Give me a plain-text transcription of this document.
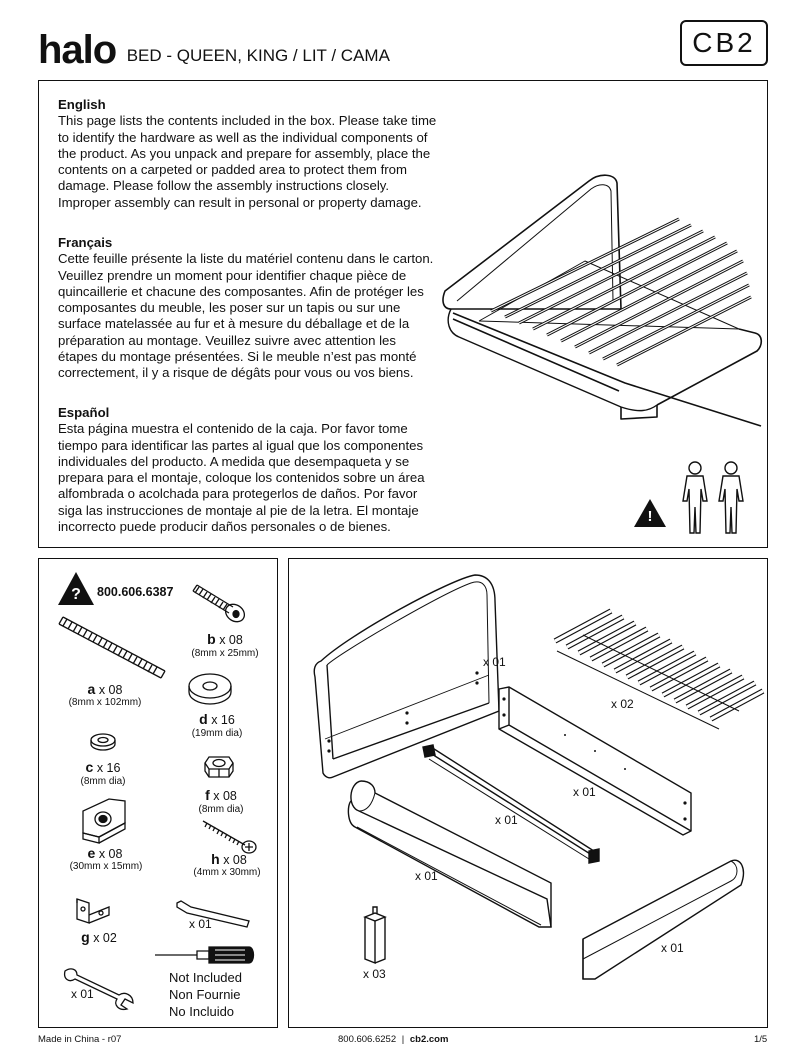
halo BED - QUEEN, KING / LIT / CAMA	CB2
English
This page lists the contents included in the box. Please take time to identify the hardware as well as the individual components of the product. As you unpack and prepare for assembly, place the contents on a carpeted or padded area to protect them from damage. Please follow the assembly instructions closely. Improper assembly can result in personal or property damage.
Français
Cette feuille présente la liste du matériel contenu dans le carton. Veuillez prendre un moment pour identifier chaque pièce de quincaillerie et chacune des composantes. Afin de protéger les composantes du meuble, les poser sur un tapis ou sur une surface matelassée au fur et à mesure du déballage et de la préparation au montage. Veuillez suivre avec attention les étapes du montage présentées. Si le meuble n’est pas monté correctement, il y a risque de dégâts pour vous ou vos biens.
Español
Esta página muestra el contenido de la caja. Por favor tome tiempo para identificar las partes al igual que los componentes individuales del producto. A medida que desempaqueta y se prepara para el montaje, coloque los contenidos sobre un área alfombrada o acolchada para protegerlos de daños. Por favor siga las instrucciones de montaje al pie de la letra. El montaje incorrecto puede producir daños personales o de bienes.
!
?	800.606.6387
b x 08
(8mm x 25mm)
a x 08
(8mm x 102mm)
d x 16
(19mm dia)
c x 16
(8mm dia)
f x 08
(8mm dia)
e x 08
(30mm x 15mm)	h x 08
(4mm x 30mm)
g x 02
x 01
x 01
Not Included
Non Fournie
No Incluido
x 01
x 02
x 01
x 01
x 01
x 01
x 03
Made in China - r07	800.606.6252 | cb2.com	1/5
